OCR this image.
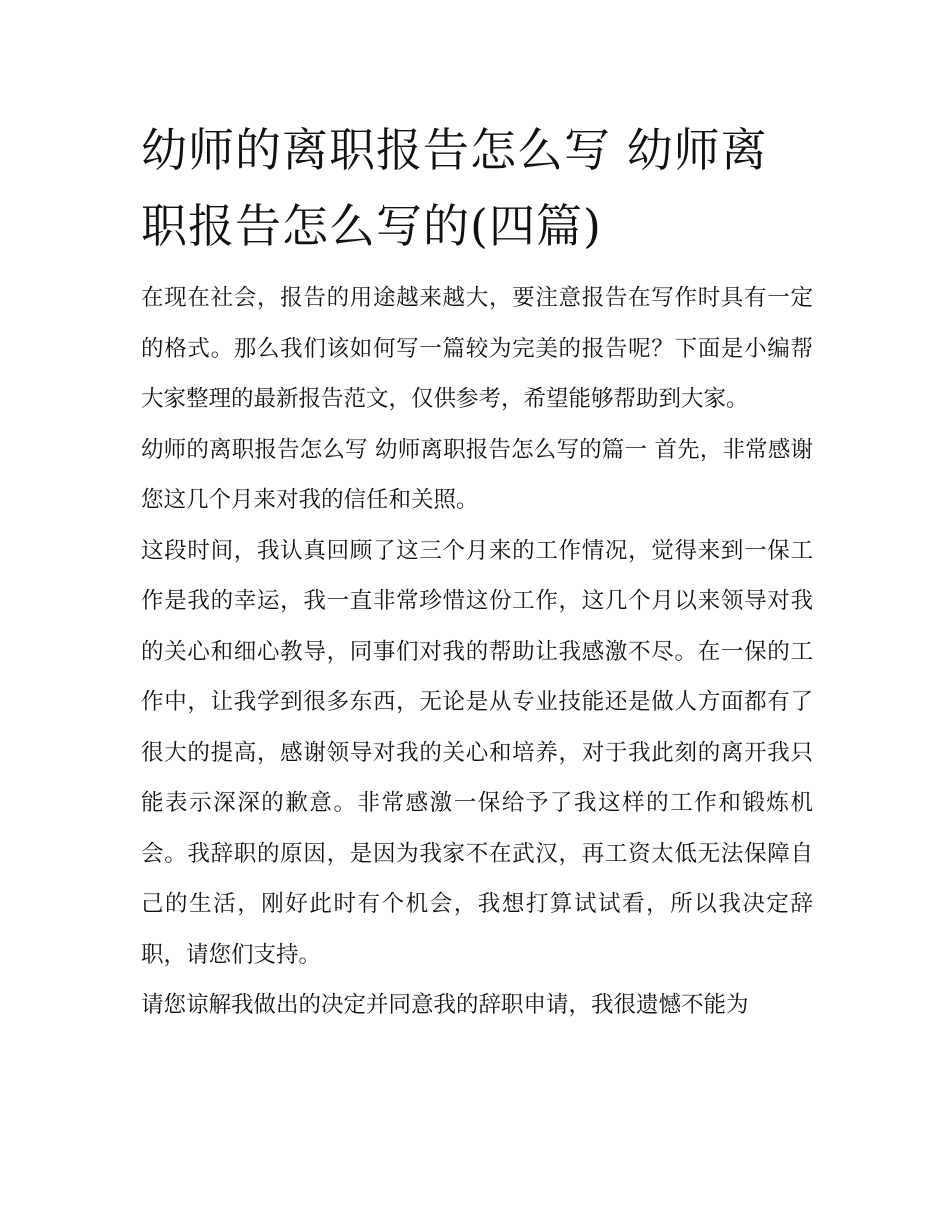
幼师的离职报告怎么写 幼师离职报告怎么写的(四篇)

在现在社会，报告的用途越来越大，要注意报告在写作时具有一定的格式。那么我们该如何写一篇较为完美的报告呢？下面是小编帮大家整理的最新报告范文，仅供参考，希望能够帮助到大家。

幼师的离职报告怎么写 幼师离职报告怎么写的篇一 首先，非常感谢您这几个月来对我的信任和关照。

这段时间，我认真回顾了这三个月来的工作情况，觉得来到一保工作是我的幸运，我一直非常珍惜这份工作，这几个月以来领导对我的关心和细心教导，同事们对我的帮助让我感激不尽。在一保的工作中，让我学到很多东西，无论是从专业技能还是做人方面都有了很大的提高，感谢领导对我的关心和培养，对于我此刻的离开我只能表示深深的歉意。非常感激一保给予了我这样的工作和锻炼机会。我辞职的原因，是因为我家不在武汉，再工资太低无法保障自己的生活，刚好此时有个机会，我想打算试试看，所以我决定辞职，请您们支持。

请您谅解我做出的决定并同意我的辞职申请，我很遗憾不能为
